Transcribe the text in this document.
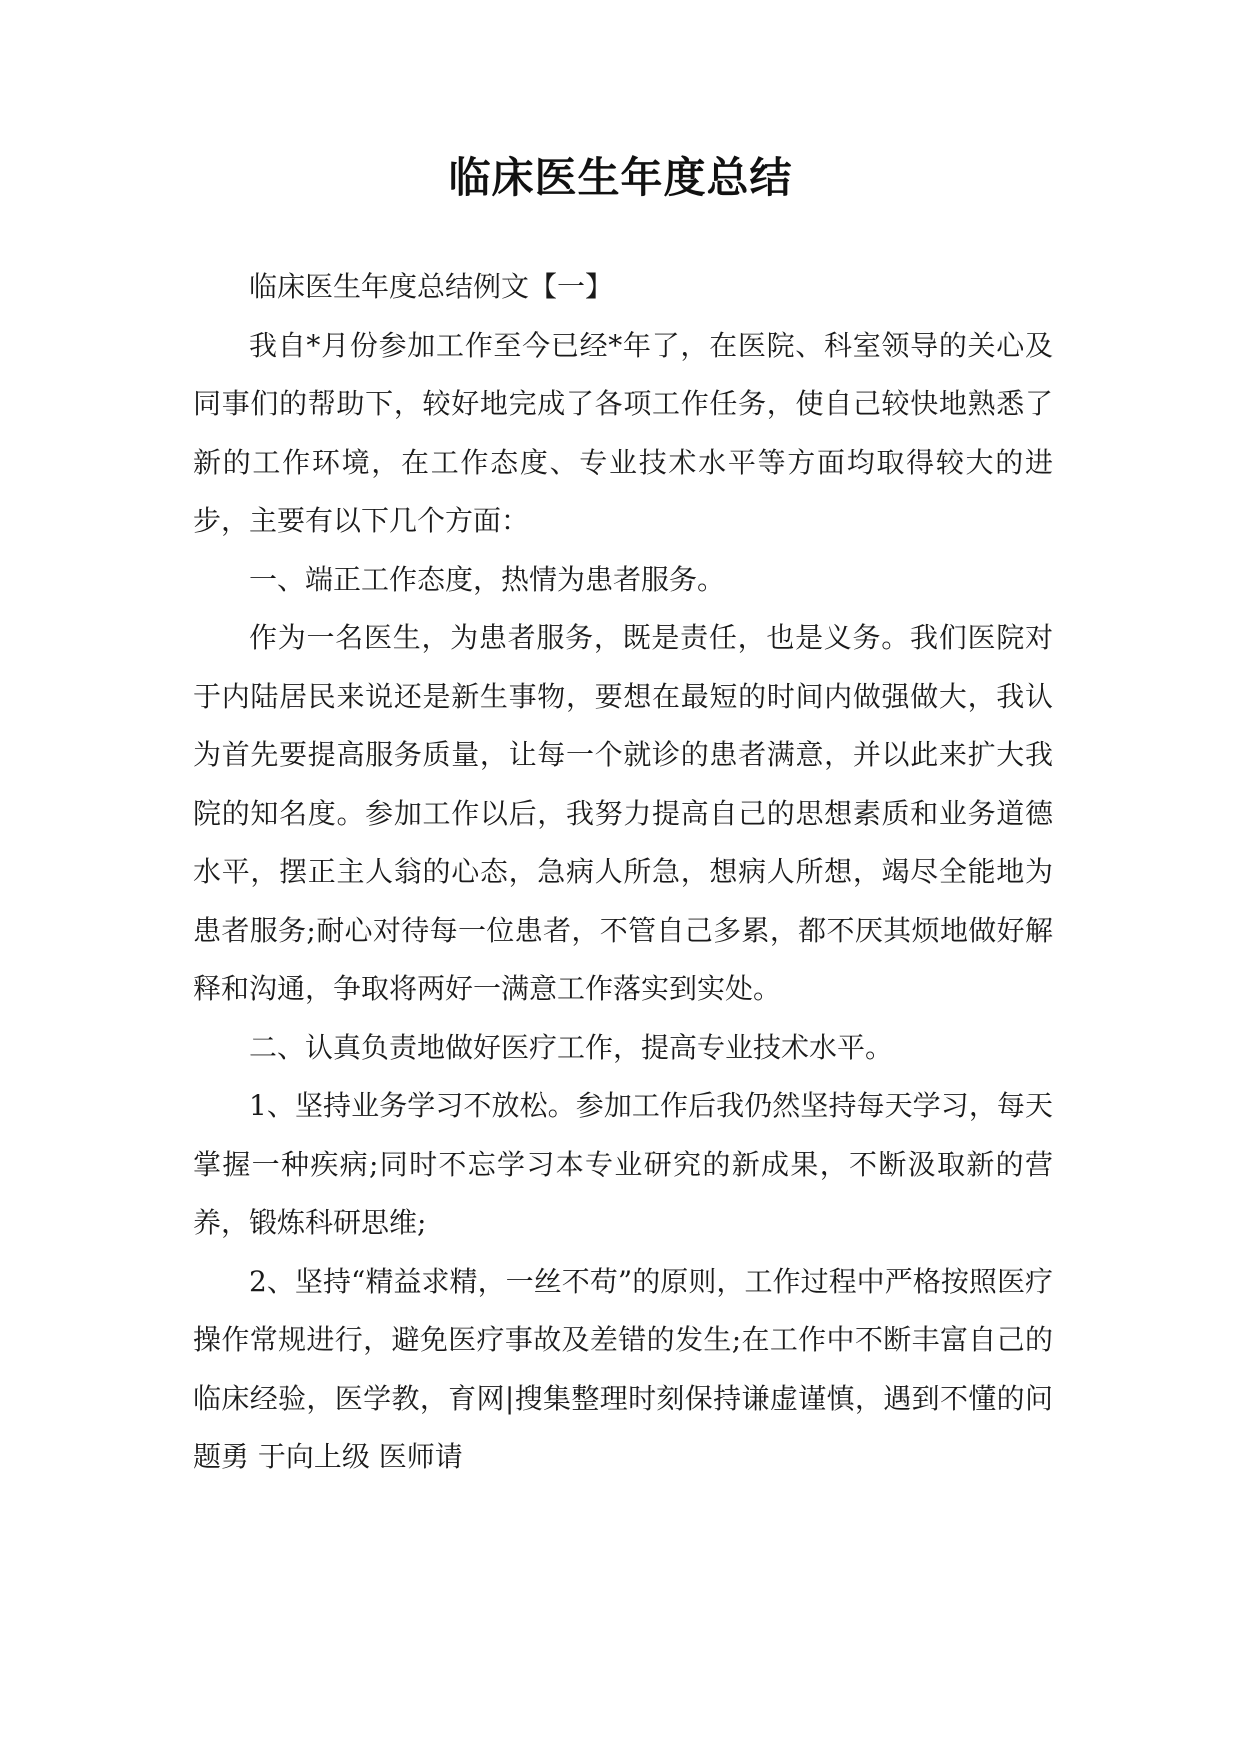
临床医生年度总结

临床医生年度总结例文【一】

我自*月份参加工作至今已经*年了，在医院、科室领导的关心及同事们的帮助下，较好地完成了各项工作任务，使自己较快地熟悉了新的工作环境，在工作态度、专业技术水平等方面均取得较大的进步，主要有以下几个方面：

一、端正工作态度，热情为患者服务。

作为一名医生，为患者服务，既是责任，也是义务。我们医院对于内陆居民来说还是新生事物，要想在最短的时间内做强做大，我认为首先要提高服务质量，让每一个就诊的患者满意，并以此来扩大我院的知名度。参加工作以后，我努力提高自己的思想素质和业务道德水平，摆正主人翁的心态，急病人所急，想病人所想，竭尽全能地为患者服务;耐心对待每一位患者，不管自己多累，都不厌其烦地做好解释和沟通，争取将两好一满意工作落实到实处。

二、认真负责地做好医疗工作，提高专业技术水平。

1、坚持业务学习不放松。参加工作后我仍然坚持每天学习，每天掌握一种疾病;同时不忘学习本专业研究的新成果，不断汲取新的营养，锻炼科研思维;

2、坚持“精益求精，一丝不苟”的原则，工作过程中严格按照医疗操作常规进行，避免医疗事故及差错的发生;在工作中不断丰富自己的临床经验，医学教，育网|搜集整理时刻保持谦虚谨慎，遇到不懂的问题勇 于向上级 医师请
